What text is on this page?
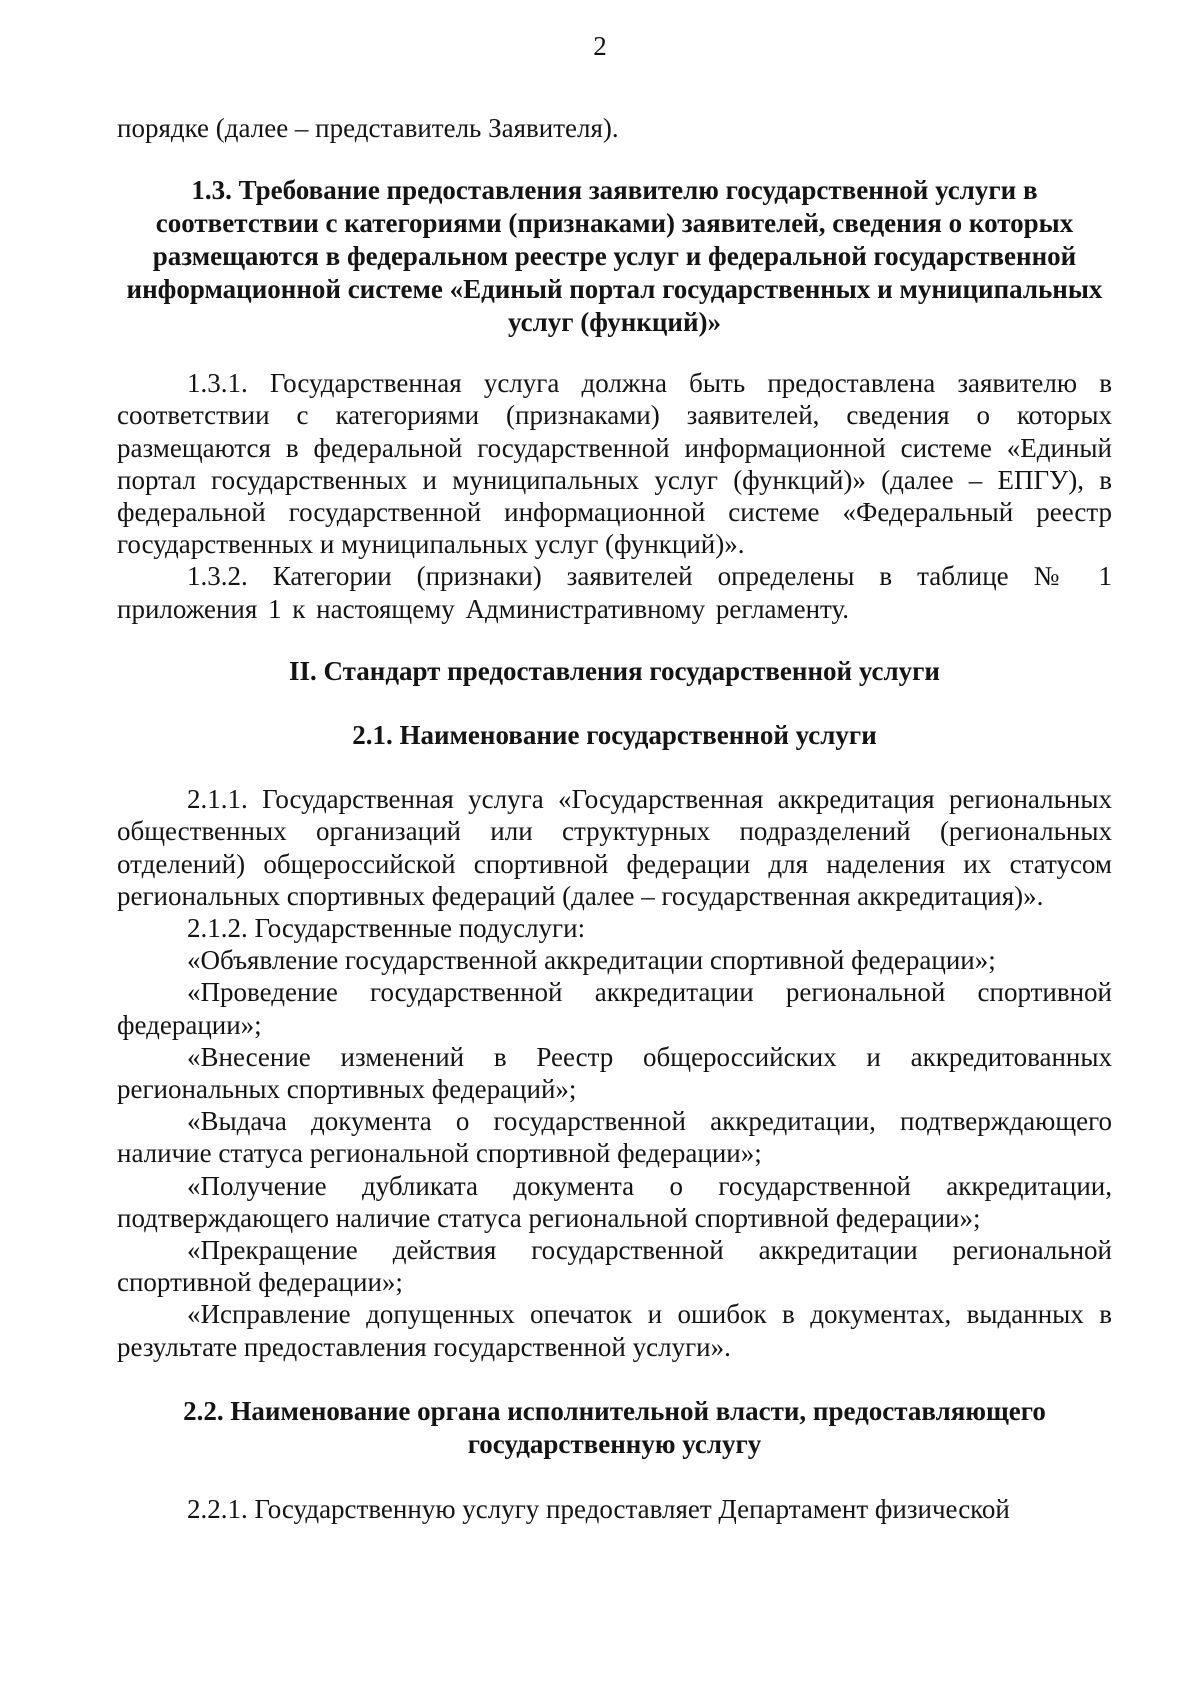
2

порядке (далее – представитель Заявителя).

1.3. Требование предоставления заявителю государственной услуги в соответствии с категориями (признаками) заявителей, сведения о которых размещаются в федеральном реестре услуг и федеральной государственной информационной системе «Единый портал государственных и муниципальных услуг (функций)»

1.3.1. Государственная услуга должна быть предоставлена заявителю в соответствии с категориями (признаками) заявителей, сведения о которых размещаются в федеральной государственной информационной системе «Единый портал государственных и муниципальных услуг (функций)» (далее – ЕПГУ), в федеральной государственной информационной системе «Федеральный реестр государственных и муниципальных услуг (функций)».

1.3.2. Категории (признаки) заявителей определены в таблице № 1 приложения 1 к настоящему Административному регламенту.

II. Стандарт предоставления государственной услуги

2.1. Наименование государственной услуги

2.1.1. Государственная услуга «Государственная аккредитация региональных общественных организаций или структурных подразделений (региональных отделений) общероссийской спортивной федерации для наделения их статусом региональных спортивных федераций (далее – государственная аккредитация)».

2.1.2. Государственные подуслуги:

«Объявление государственной аккредитации спортивной федерации»;

«Проведение государственной аккредитации региональной спортивной федерации»;

«Внесение изменений в Реестр общероссийских и аккредитованных региональных спортивных федераций»;

«Выдача документа о государственной аккредитации, подтверждающего наличие статуса региональной спортивной федерации»;

«Получение дубликата документа о государственной аккредитации, подтверждающего наличие статуса региональной спортивной федерации»;

«Прекращение действия государственной аккредитации региональной спортивной федерации»;

«Исправление допущенных опечаток и ошибок в документах, выданных в результате предоставления государственной услуги».

2.2. Наименование органа исполнительной власти, предоставляющего государственную услугу

2.2.1. Государственную услугу предоставляет Департамент физической
